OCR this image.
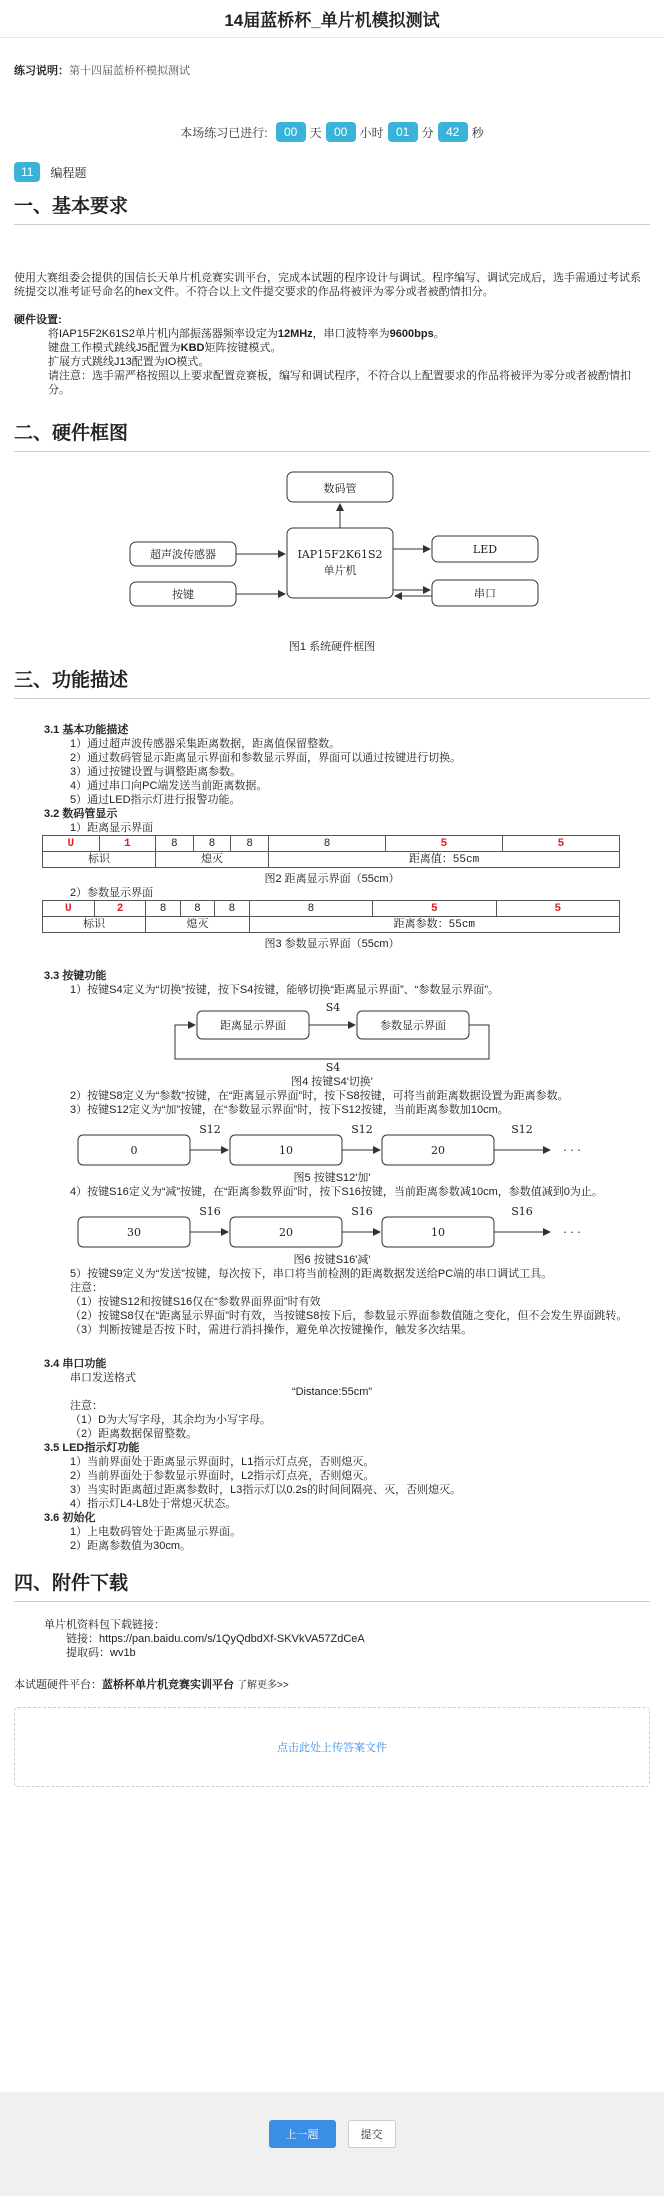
14届蓝桥杯_单片机模拟测试
练习说明：第十四届蓝桥杯模拟测试
本场练习已进行:	00	天	00	小时	01	分	42	秒
11	编程题
一、基本要求

使用大赛组委会提供的国信长天单片机竞赛实训平台，完成本试题的程序设计与调试。程序编写、调试完成后，选手需通过考试系统提交以准考证号命名的hex文件。不符合以上文件提交要求的作品将被评为零分或者被酌情扣分。

硬件设置:

将IAP15F2K61S2单片机内部振荡器频率设定为12MHz，串口波特率为9600bps。

键盘工作模式跳线J5配置为KBD矩阵按键模式。

扩展方式跳线J13配置为IO模式。

请注意：选手需严格按照以上要求配置竞赛板，编写和调试程序，不符合以上配置要求的作品将被评为零分或者被酌情扣分。

二、硬件框图
数码管
IAP15F2K61S2
单片机
超声波传感器
按键
LED
串口

图1 系统硬件框图

三、功能描述

3.1 基本功能描述

1）通过超声波传感器采集距离数据，距离值保留整数。

2）通过数码管显示距离显示界面和参数显示界面，界面可以通过按键进行切换。

3）通过按键设置与调整距离参数。

4）通过串口向PC端发送当前距离数据。

5）通过LED指示灯进行报警功能。

3.2 数码管显示

1）距离显示界面

U	1	8	8	8	8	5	5
标识		熄灭			距离值：55cm		

图2 距离显示界面（55cm）

2）参数显示界面

U	2	8	8	8	8	5	5
标识		熄灭			距离参数：55cm		

图3 参数显示界面（55cm）

3.3 按键功能

1）按键S4定义为“切换”按键，按下S4按键，能够切换“距离显示界面”、“参数显示界面”。

距离显示界面	参数显示界面
S4
S4

图4 按键S4'切换'

2）按键S8定义为“参数”按键，在“距离显示界面”时，按下S8按键，可将当前距离数据设置为距离参数。

3）按键S12定义为“加”按键，在“参数显示界面”时，按下S12按键，当前距离参数加10cm。

0	10	20
S12	S12	S12
· · ·

图5 按键S12'加'

4）按键S16定义为“减”按键，在“距离参数界面”时，按下S16按键，当前距离参数减10cm，参数值减到0为止。

30	20	10
S16	S16	S16
· · ·

图6 按键S16'减'

5）按键S9定义为“发送”按键，每次按下，串口将当前检测的距离数据发送给PC端的串口调试工具。

注意：

（1）按键S12和按键S16仅在“参数界面界面”时有效

（2）按键S8仅在“距离显示界面”时有效，当按键S8按下后，参数显示界面参数值随之变化，但不会发生界面跳转。

（3）判断按键是否按下时，需进行消抖操作，避免单次按键操作，触发多次结果。

3.4 串口功能

串口发送格式

“Distance:55cm”

注意：

（1）D为大写字母，其余均为小写字母。

（2）距离数据保留整数。

3.5 LED指示灯功能

1）当前界面处于距离显示界面时，L1指示灯点亮，否则熄灭。

2）当前界面处于参数显示界面时，L2指示灯点亮，否则熄灭。

3）当实时距离超过距离参数时，L3指示灯以0.2s的时间间隔亮、灭，否则熄灭。

4）指示灯L4-L8处于常熄灭状态。

3.6 初始化

1）上电数码管处于距离显示界面。

2）距离参数值为30cm。

四、附件下载

单片机资料包下载链接：

链接：https://pan.baidu.com/s/1QyQdbdXf-SKVkVA57ZdCeA

提取码：wv1b

本试题硬件平台：蓝桥杯单片机竞赛实训平台 了解更多>>

点击此处上传答案文件
上一题	提交
